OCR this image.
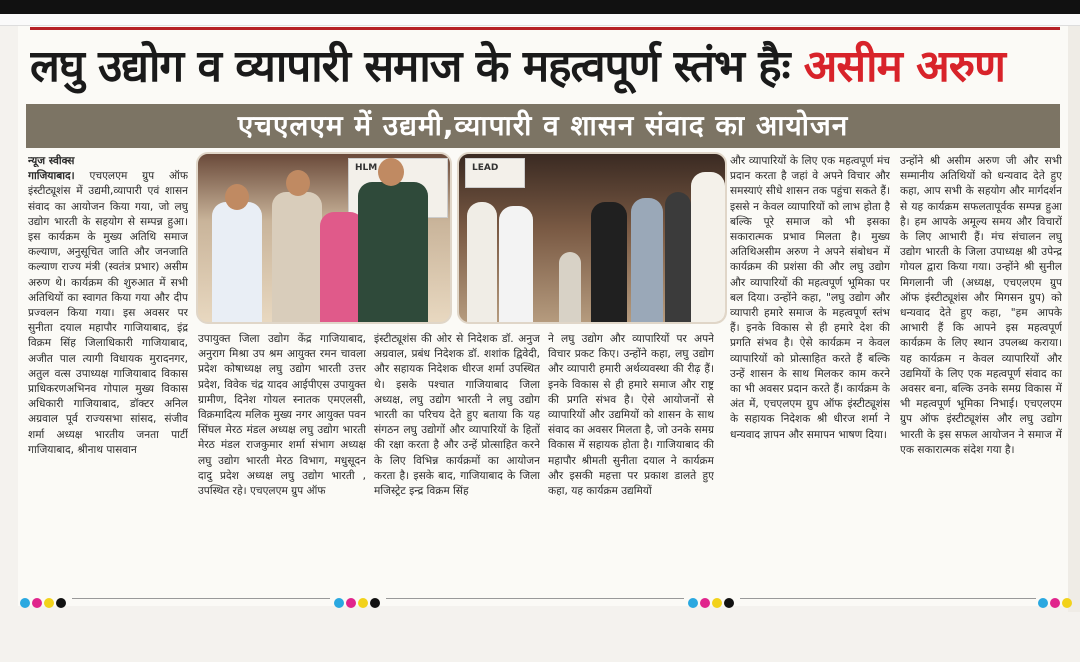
लघु उद्योग व व्यापारी समाज के महत्वपूर्ण स्तंभ हैः असीम अरुण
एचएलएम में उद्यमी,व्यापारी व शासन संवाद का आयोजन
न्यूज स्वीक्स
गाजियाबाद। एचएलएम ग्रुप ऑफ इंस्टीट्यूशंस में उद्यमी,व्यापारी एवं शासन संवाद का आयोजन किया गया, जो लघु उद्योग भारती के सहयोग से सम्पन्न हुआ। इस कार्यक्रम के मुख्य अतिथि समाज कल्याण, अनुसूचित जाति और जनजाति कल्याण राज्य मंत्री (स्वतंत्र प्रभार) असीम अरुण थे। कार्यक्रम की शुरुआत में सभी अतिथियों का स्वागत किया गया और दीप प्रज्वलन किया गया। इस अवसर पर सुनीता दयाल महापौर गाजियाबाद, इंद्र विक्रम सिंह जिलाधिकारी गाजियाबाद, अजीत पाल त्यागी विधायक मुरादनगर, अतुल वत्स उपाध्यक्ष गाजियाबाद विकास प्राधिकरणअभिनव गोपाल मुख्य विकास अधिकारी गाजियाबाद, डॉक्टर अनिल अग्रवाल पूर्व राज्यसभा सांसद, संजीव शर्मा अध्यक्ष भारतीय जनता पार्टी गाजियाबाद, श्रीनाथ पासवान
HLM	LEAD
उपायुक्त जिला उद्योग केंद्र गाजियाबाद, अनुराग मिश्रा उप श्रम आयुक्त रमन चावला प्रदेश कोषाध्यक्ष लघु उद्योग भारती उत्तर प्रदेश, विवेक चंद्र यादव आईपीएस उपायुक्त ग्रामीण, दिनेश गोयल स्नातक एमएलसी, विक्रमादित्य मलिक मुख्य नगर आयुक्त पवन सिंघल मेरठ मंडल अध्यक्ष लघु उद्योग भारती मेरठ मंडल राजकुमार शर्मा संभाग अध्यक्ष लघु उद्योग भारती मेरठ विभाग, मधुसूदन दादु प्रदेश अध्यक्ष लघु उद्योग भारती , उपस्थित रहे। एचएलएम ग्रुप ऑफ
इंस्टीट्यूशंस की ओर से निदेशक डॉ. अनुज अग्रवाल, प्रबंध निदेशक डॉ. शशांक द्विवेदी, और सहायक निदेशक धीरज शर्मा उपस्थित थे। इसके पश्चात गाजियाबाद जिला अध्यक्ष, लघु उद्योग भारती ने लघु उद्योग भारती का परिचय देते हुए बताया कि यह संगठन लघु उद्योगों और व्यापारियों के हितों की रक्षा करता है और उन्हें प्रोत्साहित करने के लिए विभिन्न कार्यक्रमों का आयोजन करता है। इसके बाद, गाजियाबाद के जिला मजिस्ट्रेट इन्द्र विक्रम सिंह
ने लघु उद्योग और व्यापारियों पर अपने विचार प्रकट किए। उन्होंने कहा, लघु उद्योग और व्यापारी हमारी अर्थव्यवस्था की रीढ़ हैं। इनके विकास से ही हमारे समाज और राष्ट्र की प्रगति संभव है। ऐसे आयोजनों से व्यापारियों और उद्यमियों को शासन के साथ संवाद का अवसर मिलता है, जो उनके समग्र विकास में सहायक होता है। गाजियाबाद की महापौर श्रीमती सुनीता दयाल ने कार्यक्रम और इसकी महत्ता पर प्रकाश डालते हुए कहा, यह कार्यक्रम उद्यमियों
और व्यापारियों के लिए एक महत्वपूर्ण मंच प्रदान करता है जहां वे अपने विचार और समस्याएं सीधे शासन तक पहुंचा सकते हैं। इससे न केवल व्यापारियों को लाभ होता है बल्कि पूरे समाज को भी इसका सकारात्मक प्रभाव मिलता है। मुख्य अतिथिअसीम अरुण ने अपने संबोधन में कार्यक्रम की प्रशंसा की और लघु उद्योग और व्यापारियों की महत्वपूर्ण भूमिका पर बल दिया। उन्होंने कहा, "लघु उद्योग और व्यापारी हमारे समाज के महत्वपूर्ण स्तंभ हैं। इनके विकास से ही हमारे देश की प्रगति संभव है। ऐसे कार्यक्रम न केवल व्यापारियों को प्रोत्साहित करते हैं बल्कि उन्हें शासन के साथ मिलकर काम करने का भी अवसर प्रदान करते हैं। कार्यक्रम के अंत में, एचएलएम ग्रुप ऑफ इंस्टीट्यूशंस के सहायक निदेशक श्री धीरज शर्मा ने धन्यवाद ज्ञापन और समापन भाषण दिया।
उन्होंने श्री असीम अरुण जी और सभी सम्मानीय अतिथियों को धन्यवाद देते हुए कहा, आप सभी के सहयोग और मार्गदर्शन से यह कार्यक्रम सफलतापूर्वक सम्पन्न हुआ है। हम आपके अमूल्य समय और विचारों के लिए आभारी हैं। मंच संचालन लघु उद्योग भारती के जिला उपाध्यक्ष श्री उपेन्द्र गोयल द्वारा किया गया। उन्होंने श्री सुनील मिगलानी जी (अध्यक्ष, एचएलएम ग्रुप ऑफ इंस्टीट्यूशंस और मिगसन ग्रुप) को धन्यवाद देते हुए कहा, "हम आपके आभारी हैं कि आपने इस महत्वपूर्ण कार्यक्रम के लिए स्थान उपलब्ध कराया। यह कार्यक्रम न केवल व्यापारियों और उद्यमियों के लिए एक महत्वपूर्ण संवाद का अवसर बना, बल्कि उनके समग्र विकास में भी महत्वपूर्ण भूमिका निभाई। एचएलएम ग्रुप ऑफ इंस्टीट्यूशंस और लघु उद्योग भारती के इस सफल आयोजन ने समाज में एक सकारात्मक संदेश गया है।
